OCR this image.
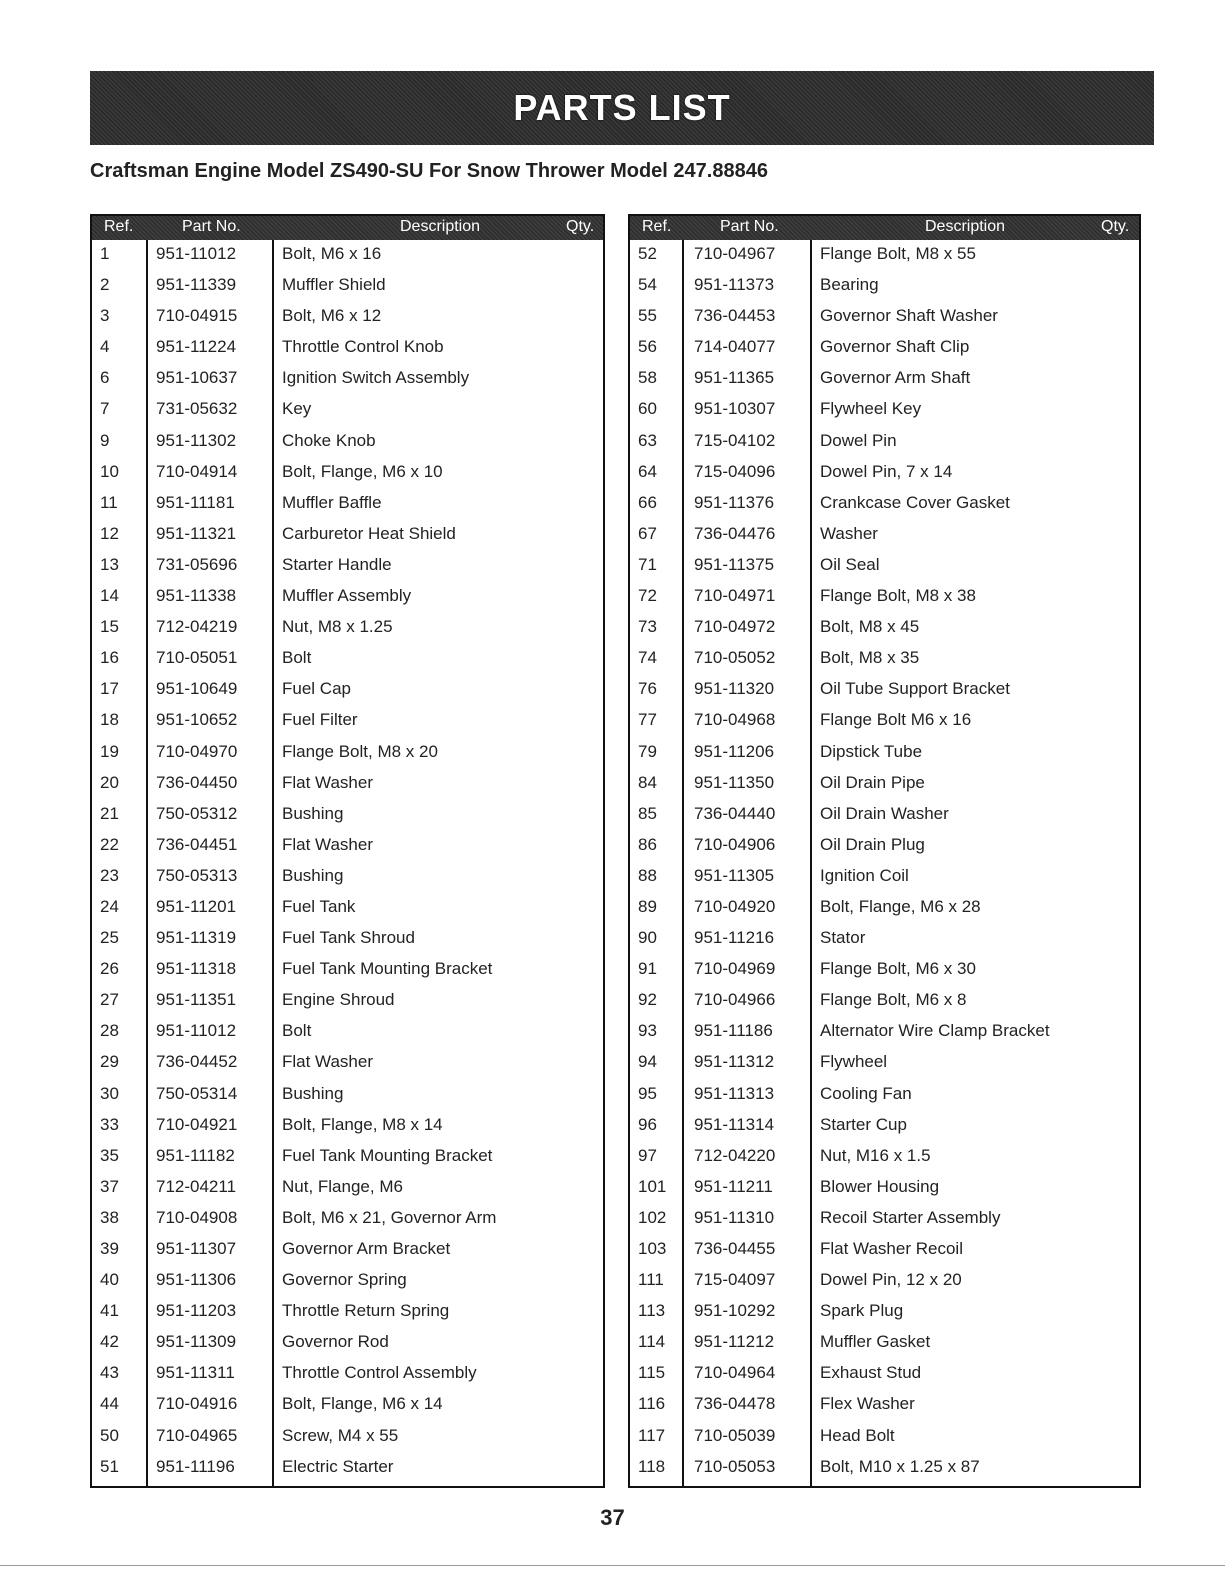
PARTS LIST
Craftsman Engine Model ZS490-SU For Snow Thrower Model 247.88846
Ref.	Part No.	Description	Qty.
1	951-11012	Bolt, M6 x 16
2	951-11339	Muffler Shield
3	710-04915	Bolt, M6 x 12
4	951-11224	Throttle Control Knob
6	951-10637	Ignition Switch Assembly
7	731-05632	Key
9	951-11302	Choke Knob
10 710-04914	Bolt, Flange, M6 x 10
11 951-11181	Muffler Baffle
12 951-11321	Carburetor Heat Shield
13 731-05696	Starter Handle
14 951-11338	Muffler Assembly
15 712-04219	Nut, M8 x 1.25
16 710-05051	Bolt
17 951-10649	Fuel Cap
18 951-10652	Fuel Filter
19 710-04970	Flange Bolt, M8 x 20
20 736-04450	Flat Washer
21 750-05312	Bushing
22 736-04451	Flat Washer
23 750-05313	Bushing
24 951-11201	Fuel Tank
25 951-11319	Fuel Tank Shroud
26 951-11318	Fuel Tank Mounting Bracket
27 951-11351	Engine Shroud
28 951-11012	Bolt
29 736-04452	Flat Washer
30 750-05314	Bushing
33 710-04921	Bolt, Flange, M8 x 14
35 951-11182	Fuel Tank Mounting Bracket
37 712-04211	Nut, Flange, M6
38 710-04908	Bolt, M6 x 21, Governor Arm
39 951-11307	Governor Arm Bracket
40 951-11306	Governor Spring
41 951-11203	Throttle Return Spring
42 951-11309	Governor Rod
43 951-11311	Throttle Control Assembly
44 710-04916	Bolt, Flange, M6 x 14
50 710-04965	Screw, M4 x 55
51 951-11196	Electric Starter
Ref.	Part No.	Description	Qty.
52 710-04967	Flange Bolt, M8 x 55
54 951-11373	Bearing
55 736-04453	Governor Shaft Washer
56 714-04077	Governor Shaft Clip
58 951-11365	Governor Arm Shaft
60 951-10307	Flywheel Key
63 715-04102	Dowel Pin
64 715-04096	Dowel Pin, 7 x 14
66 951-11376	Crankcase Cover Gasket
67 736-04476	Washer
71 951-11375	Oil Seal
72 710-04971	Flange Bolt, M8 x 38
73 710-04972	Bolt, M8 x 45
74 710-05052	Bolt, M8 x 35
76 951-11320	Oil Tube Support Bracket
77 710-04968	Flange Bolt M6 x 16
79 951-11206	Dipstick Tube
84 951-11350	Oil Drain Pipe
85 736-04440	Oil Drain Washer
86 710-04906	Oil Drain Plug
88 951-11305	Ignition Coil
89 710-04920	Bolt, Flange, M6 x 28
90 951-11216	Stator
91 710-04969	Flange Bolt, M6 x 30
92 710-04966	Flange Bolt, M6 x 8
93 951-11186	Alternator Wire Clamp Bracket
94 951-11312	Flywheel
95 951-11313	Cooling Fan
96 951-11314	Starter Cup
97 712-04220	Nut, M16 x 1.5
101 951-11211	Blower Housing
102 951-11310	Recoil Starter Assembly
103 736-04455	Flat Washer Recoil
111 715-04097	Dowel Pin, 12 x 20
113 951-10292	Spark Plug
114 951-11212	Muffler Gasket
115 710-04964	Exhaust Stud
116 736-04478	Flex Washer
117 710-05039	Head Bolt
118 710-05053	Bolt, M10 x 1.25 x 87
37
